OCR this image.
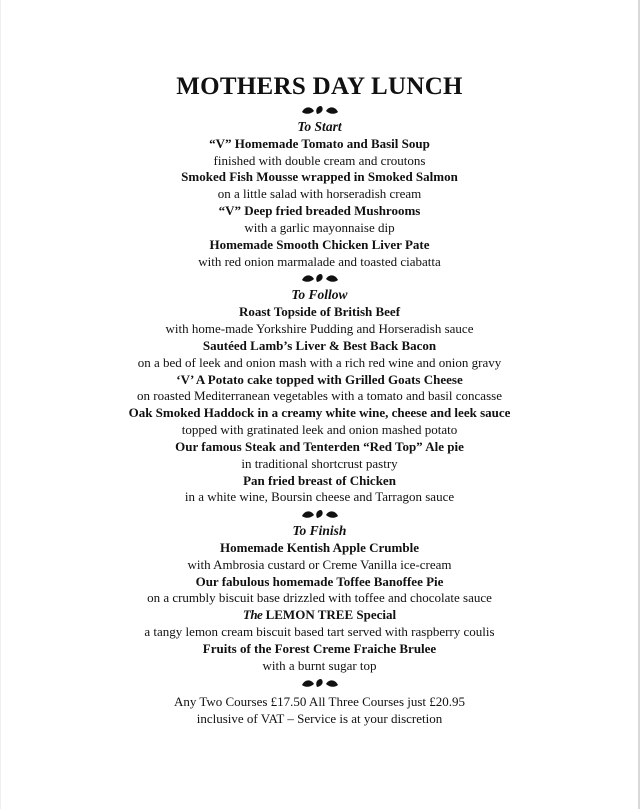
MOTHERS DAY LUNCH
To Start
“V” Homemade Tomato and Basil Soup
finished with double cream and croutons
Smoked Fish Mousse wrapped in Smoked Salmon
on a little salad with horseradish cream
“V” Deep fried breaded Mushrooms
with a garlic mayonnaise dip
Homemade Smooth Chicken Liver Pate
with red onion marmalade and toasted ciabatta
To Follow
Roast Topside of British Beef
with home-made Yorkshire Pudding and Horseradish sauce
Sautéed Lamb’s Liver & Best Back Bacon
on a bed of leek and onion mash with a rich red wine and onion gravy
‘V’ A Potato cake topped with Grilled Goats Cheese
on roasted Mediterranean vegetables with a tomato and basil concasse
Oak Smoked Haddock in a creamy white wine, cheese and leek sauce
topped with gratinated leek and onion mashed potato
Our famous Steak and Tenterden “Red Top” Ale pie
in traditional shortcrust pastry
Pan fried breast of Chicken
in a white wine, Boursin cheese and Tarragon sauce
To Finish
Homemade Kentish Apple Crumble
with Ambrosia custard or Creme Vanilla ice-cream
Our fabulous homemade Toffee Banoffee Pie
on a crumbly biscuit base drizzled with toffee and chocolate sauce
The LEMON TREE Special
a tangy lemon cream biscuit based tart served with raspberry coulis
Fruits of the Forest Creme Fraiche Brulee
with a burnt sugar top
Any Two Courses £17.50 All Three Courses just £20.95
inclusive of VAT – Service is at your discretion
